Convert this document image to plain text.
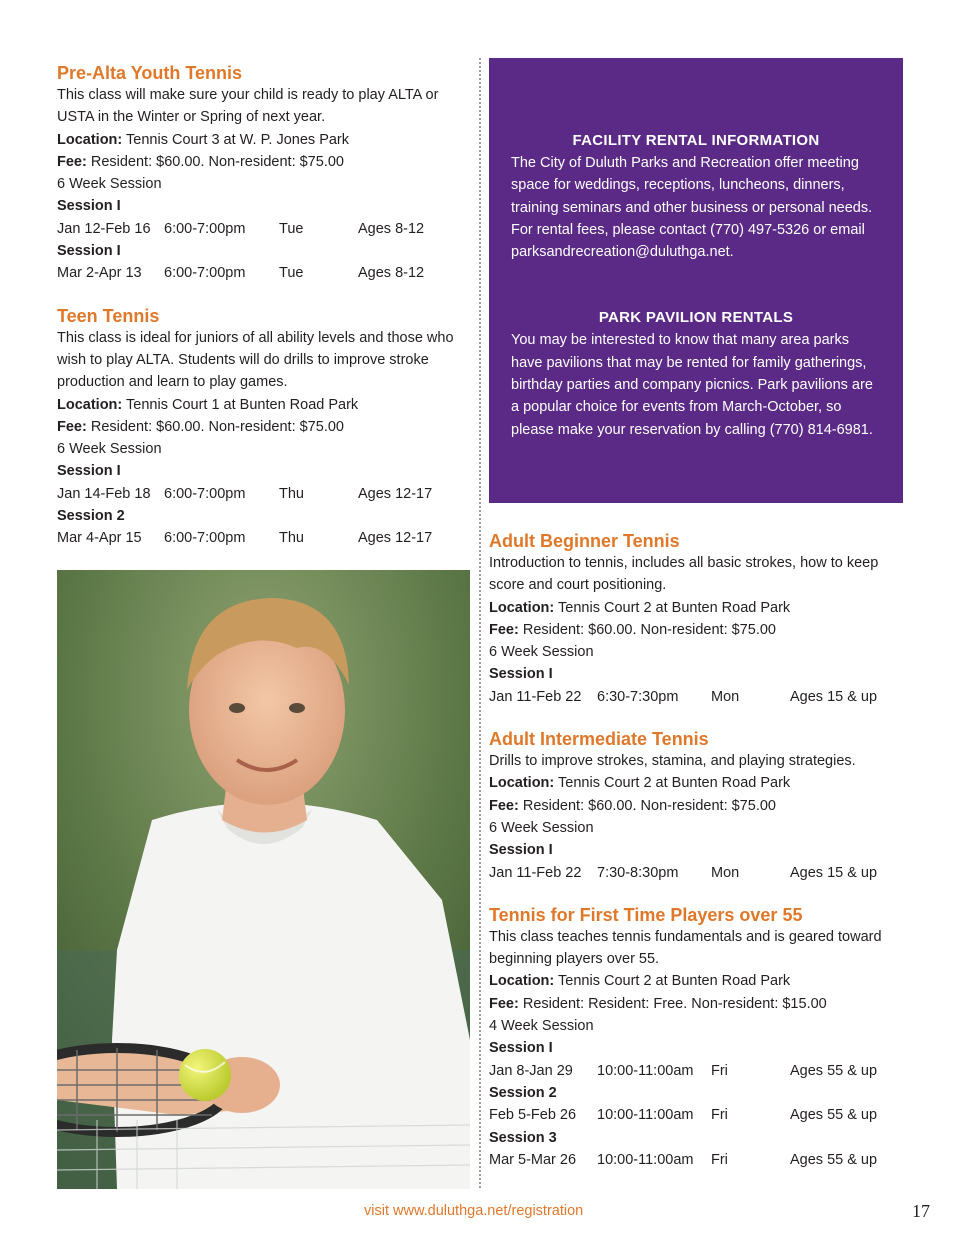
Pre-Alta Youth Tennis
This class will make sure your child is ready to play ALTA or
USTA in the Winter or Spring of next year.
Location: Tennis Court 3 at W. P. Jones Park
Fee: Resident: $60.00. Non-resident: $75.00
6 Week Session
Session I
Jan 12-Feb 16 6:00-7:00pm	Tue	Ages 8-12
Session I
Mar 2-Apr 13	6:00-7:00pm	Tue	Ages 8-12
Teen Tennis
This class is ideal for juniors of all ability levels and those who
wish to play ALTA. Students will do drills to improve stroke
production and learn to play games.
Location: Tennis Court 1 at Bunten Road Park
Fee: Resident: $60.00. Non-resident: $75.00
6 Week Session
Session I
Jan 14-Feb 18 6:00-7:00pm	Thu	Ages 12-17
Session 2
Mar 4-Apr 15	6:00-7:00pm	Thu	Ages 12-17
FACILITY RENTAL INFORMATION
The City of Duluth Parks and Recreation offer meeting
space for weddings, receptions, luncheons, dinners,
training seminars and other business or personal needs.
For rental fees, please contact (770) 497-5326 or email
parksandrecreation@duluthga.net.
PARK PAVILION RENTALS
You may be interested to know that many area parks
have pavilions that may be rented for family gatherings,
birthday parties and company picnics. Park pavilions are
a popular choice for events from March-October, so
please make your reservation by calling (770) 814-6981.
Adult Beginner Tennis
Introduction to tennis, includes all basic strokes, how to keep
score and court positioning.
Location: Tennis Court 2 at Bunten Road Park
Fee: Resident: $60.00. Non-resident: $75.00
6 Week Session
Session I
Jan 11-Feb 22	6:30-7:30pm	Mon	Ages 15 & up
Adult Intermediate Tennis
Drills to improve strokes, stamina, and playing strategies.
Location: Tennis Court 2 at Bunten Road Park
Fee: Resident: $60.00. Non-resident: $75.00
6 Week Session
Session I
Jan 11-Feb 22	7:30-8:30pm	Mon	Ages 15 & up
Tennis for First Time Players over 55
This class teaches tennis fundamentals and is geared toward
beginning players over 55.
Location: Tennis Court 2 at Bunten Road Park
Fee: Resident: Resident: Free. Non-resident: $15.00
4 Week Session
Session I
Jan 8-Jan 29	10:00-11:00am	Fri	Ages 55 & up
Session 2
Feb 5-Feb 26	10:00-11:00am	Fri	Ages 55 & up
Session 3
Mar 5-Mar 26	10:00-11:00am	Fri	Ages 55 & up
visit www.duluthga.net/registration	17
